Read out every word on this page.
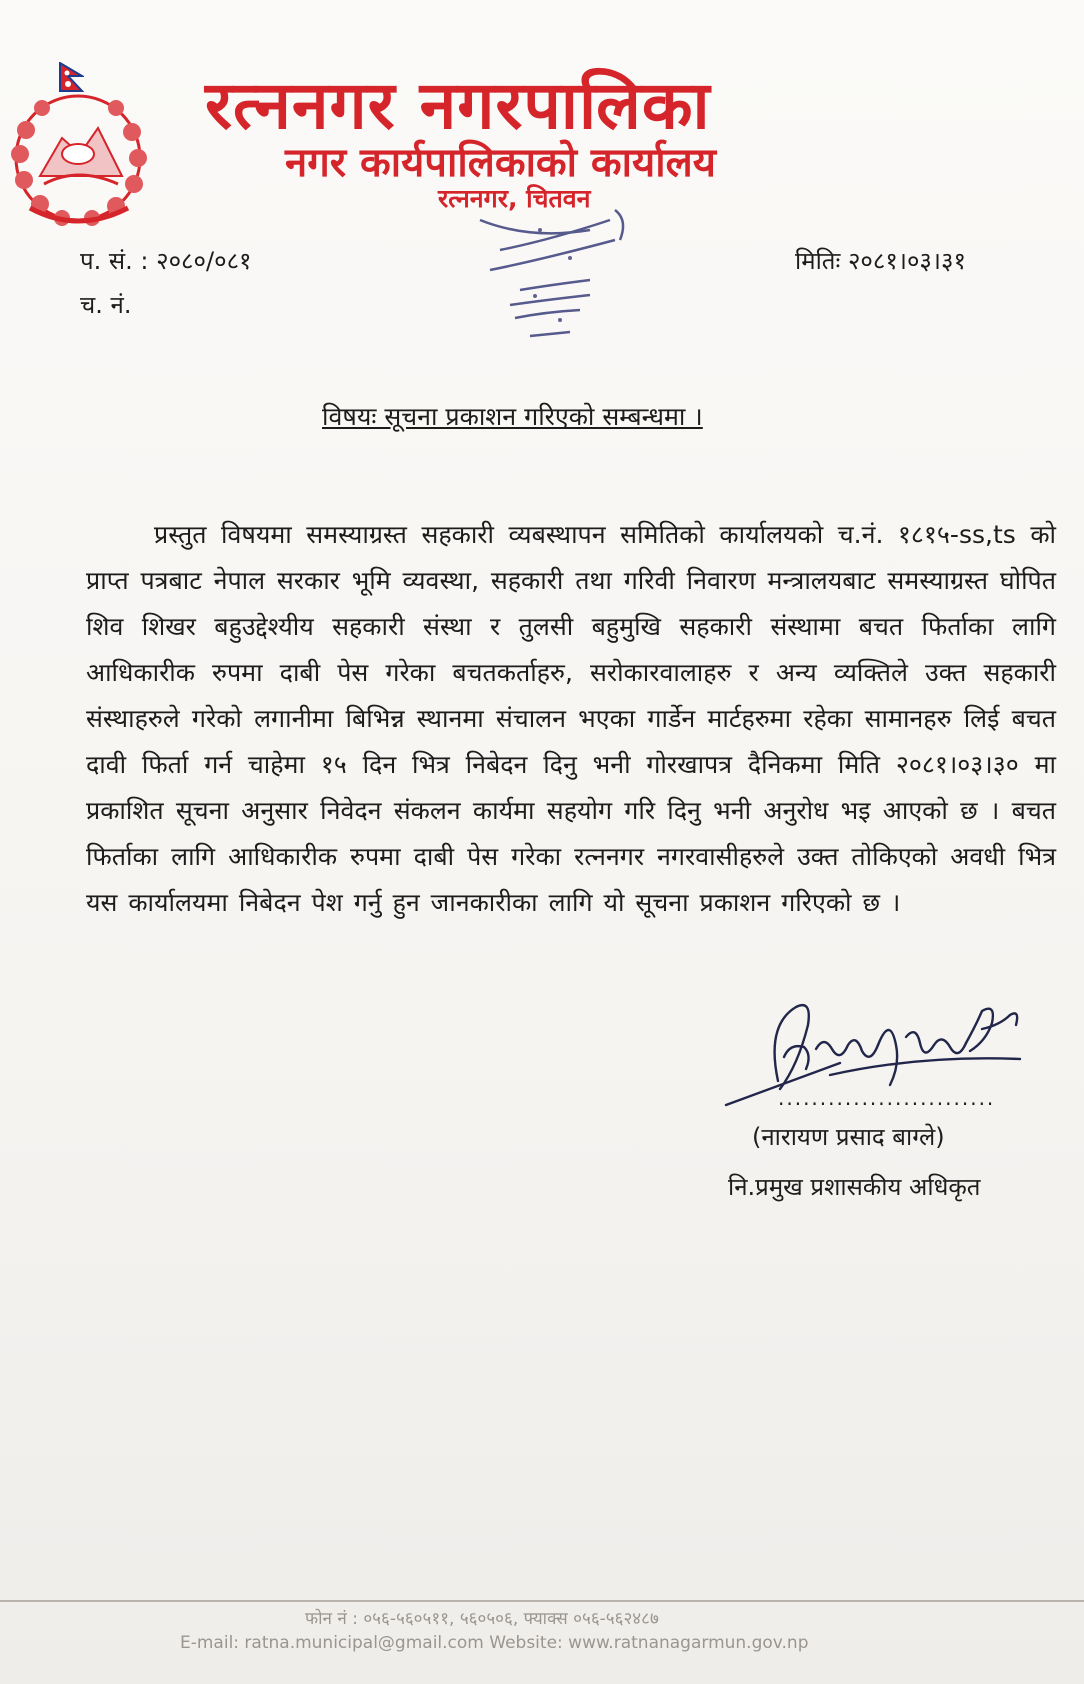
रत्ननगर नगरपालिका
नगर कार्यपालिकाको कार्यालय
रत्ननगर, चितवन
प. सं. : २०८०/०८१
च. नं.
मितिः २०८१।०३।३१
विषयः सूचना प्रकाशन गरिएको सम्बन्धमा ।
प्रस्तुत विषयमा समस्याग्रस्त सहकारी व्यबस्थापन समितिको कार्यालयको च.नं. १८१५-ss,ts को प्राप्त पत्रबाट नेपाल सरकार भूमि व्यवस्था, सहकारी तथा गरिवी निवारण मन्त्रालयबाट समस्याग्रस्त घोपित शिव शिखर बहुउद्देश्यीय सहकारी संस्था र तुलसी बहुमुखि सहकारी संस्थामा बचत फिर्ताका लागि आधिकारीक रुपमा दाबी पेस गरेका बचतकर्ताहरु, सरोकारवालाहरु र अन्य व्यक्तिले उक्त सहकारी संस्थाहरुले गरेको लगानीमा बिभिन्न स्थानमा संचालन भएका गार्डेन मार्टहरुमा रहेका सामानहरु लिई बचत दावी फिर्ता गर्न चाहेमा १५ दिन भित्र निबेदन दिनु भनी गोरखापत्र दैनिकमा मिति २०८१।०३।३० मा प्रकाशित सूचना अनुसार निवेदन संकलन कार्यमा सहयोग गरि दिनु भनी अनुरोध भइ आएको छ । बचत फिर्ताका लागि आधिकारीक रुपमा दाबी पेस गरेका रत्ननगर नगरवासीहरुले उक्त तोकिएको अवधी भित्र यस कार्यालयमा निबेदन पेश गर्नु हुन जानकारीका लागि यो सूचना प्रकाशन गरिएको छ ।
..........................
(नारायण प्रसाद बाग्ले)
नि.प्रमुख प्रशासकीय अधिकृत
फोन नं : ०५६-५६०५११, ५६०५०६, फ्याक्स ०५६-५६२४८७
E-mail: ratna.municipal@gmail.com Website: www.ratnanagarmun.gov.np
